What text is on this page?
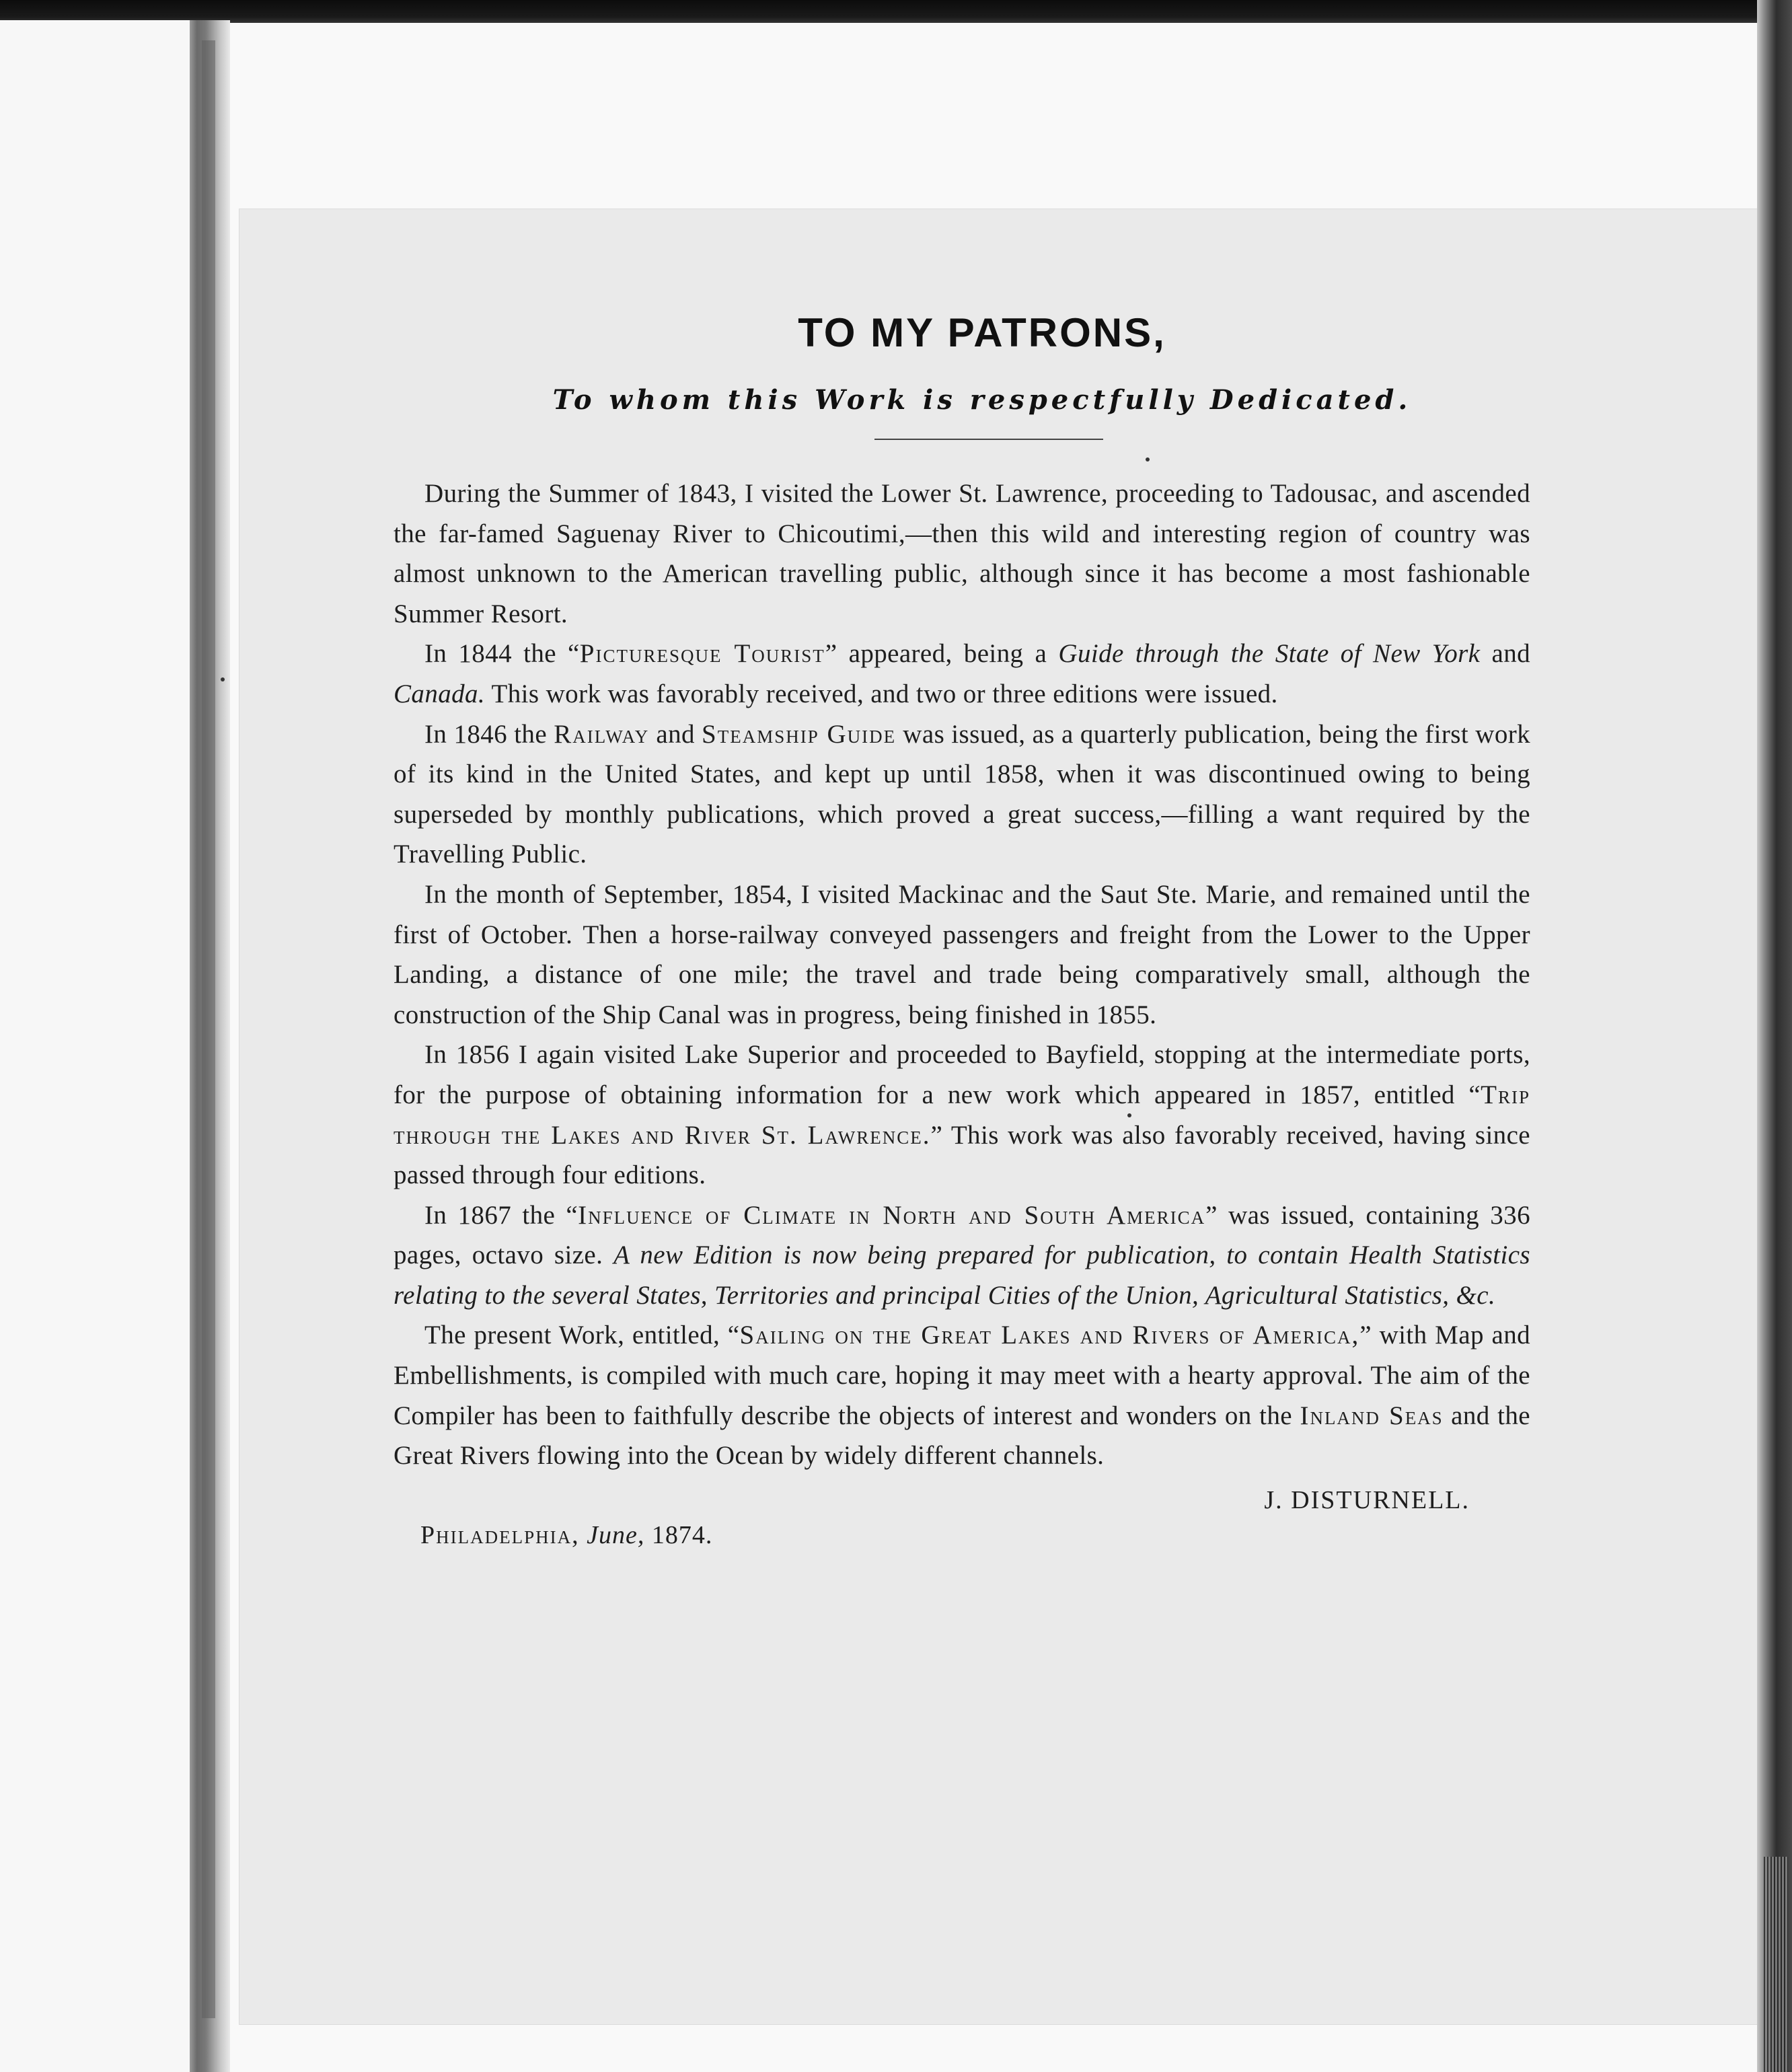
TO MY PATRONS,
To whom this Work is respectfully Dedicated.

During the Summer of 1843, I visited the Lower St. Lawrence, proceeding to Tadousac, and ascended the far-famed Saguenay River to Chicoutimi,—then this wild and interesting region of country was almost unknown to the American travelling public, although since it has become a most fashionable Summer Resort.

In 1844 the “Picturesque Tourist” appeared, being a Guide through the State of New York and Canada. This work was favorably received, and two or three editions were issued.

In 1846 the Railway and Steamship Guide was issued, as a quarterly publication, being the first work of its kind in the United States, and kept up until 1858, when it was discontinued owing to being superseded by monthly publications, which proved a great success,—filling a want required by the Travelling Public.

In the month of September, 1854, I visited Mackinac and the Saut Ste. Marie, and remained until the first of October. Then a horse-railway conveyed passengers and freight from the Lower to the Upper Landing, a distance of one mile; the travel and trade being comparatively small, although the construction of the Ship Canal was in progress, being finished in 1855.

In 1856 I again visited Lake Superior and proceeded to Bayfield, stopping at the intermediate ports, for the purpose of obtaining information for a new work which appeared in 1857, entitled “Trip through the Lakes and River St. Lawrence.” This work was also favorably received, having since passed through four editions.

In 1867 the “Influence of Climate in North and South America” was issued, containing 336 pages, octavo size. A new Edition is now being prepared for publication, to contain Health Statistics relating to the several States, Territories and principal Cities of the Union, Agricultural Statistics, &c.

The present Work, entitled, “Sailing on the Great Lakes and Rivers of America,” with Map and Embellishments, is compiled with much care, hoping it may meet with a hearty approval. The aim of the Compiler has been to faithfully describe the objects of interest and wonders on the Inland Seas and the Great Rivers flowing into the Ocean by widely different channels.

J. DISTURNELL.
Philadelphia, June, 1874.
